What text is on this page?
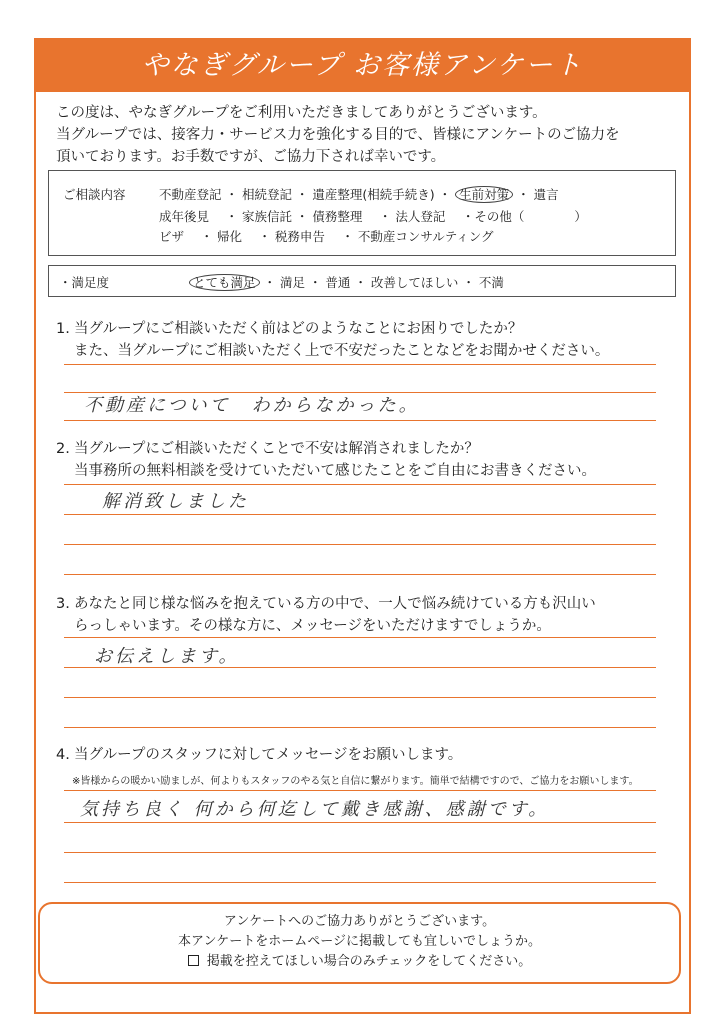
やなぎグループ お客様アンケート
この度は、やなぎグループをご利用いただきましてありがとうございます。
当グループでは、接客力・サービス力を強化する目的で、皆様にアンケートのご協力を
頂いております。お手数ですが、ご協力下されば幸いです。
ご相談内容	不動産登記 ・ 相続登記 ・ 遺産整理(相続手続き) ・ 生前対策 ・ 遺言
成年後見　 ・ 家族信託 ・ 債務整理　 ・ 法人登記　 ・その他（　　　　）
ビザ　 ・ 帰化　 ・ 税務申告　 ・ 不動産コンサルティング
・満足度	とても満足 ・ 満足 ・ 普通 ・ 改善してほしい ・ 不満
1. 当グループにご相談いただく前はどのようなことにお困りでしたか？
また、当グループにご相談いただく上で不安だったことなどをお聞かせください。
不動産について　わからなかった。
2. 当グループにご相談いただくことで不安は解消されましたか？
当事務所の無料相談を受けていただいて感じたことをご自由にお書きください。
解消致しました
3. あなたと同じ様な悩みを抱えている方の中で、一人で悩み続けている方も沢山い
らっしゃいます。その様な方に、メッセージをいただけますでしょうか。
お伝えします。
4. 当グループのスタッフに対してメッセージをお願いします。
※皆様からの暖かい励ましが、何よりもスタッフのやる気と自信に繋がります。簡単で結構ですので、ご協力をお願いします。
気持ち良く 何から何迄して戴き感謝、感謝です。
アンケートへのご協力ありがとうございます。
本アンケートをホームページに掲載しても宜しいでしょうか。
掲載を控えてほしい場合のみチェックをしてください。
